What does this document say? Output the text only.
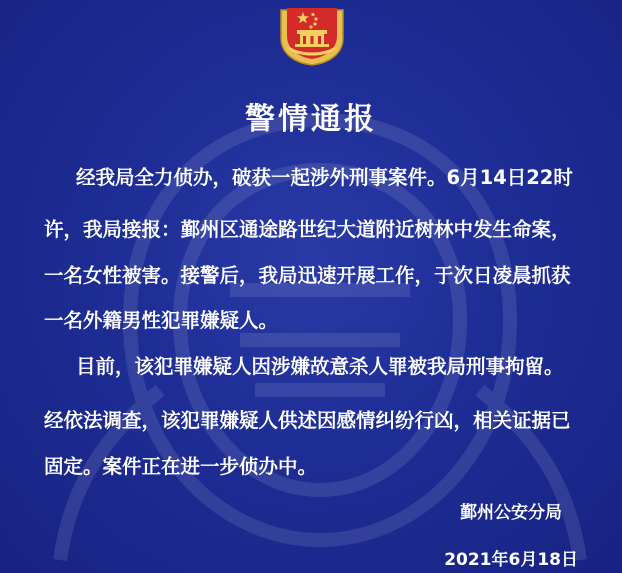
警情通报
经我局全力侦办，破获一起涉外刑事案件。6月14日22时
许，我局接报：鄞州区通途路世纪大道附近树林中发生命案，
一名女性被害。接警后，我局迅速开展工作，于次日凌晨抓获
一名外籍男性犯罪嫌疑人。
目前，该犯罪嫌疑人因涉嫌故意杀人罪被我局刑事拘留。
经依法调查，该犯罪嫌疑人供述因感情纠纷行凶，相关证据已
固定。案件正在进一步侦办中。
鄞州公安分局
2021年6月18日
